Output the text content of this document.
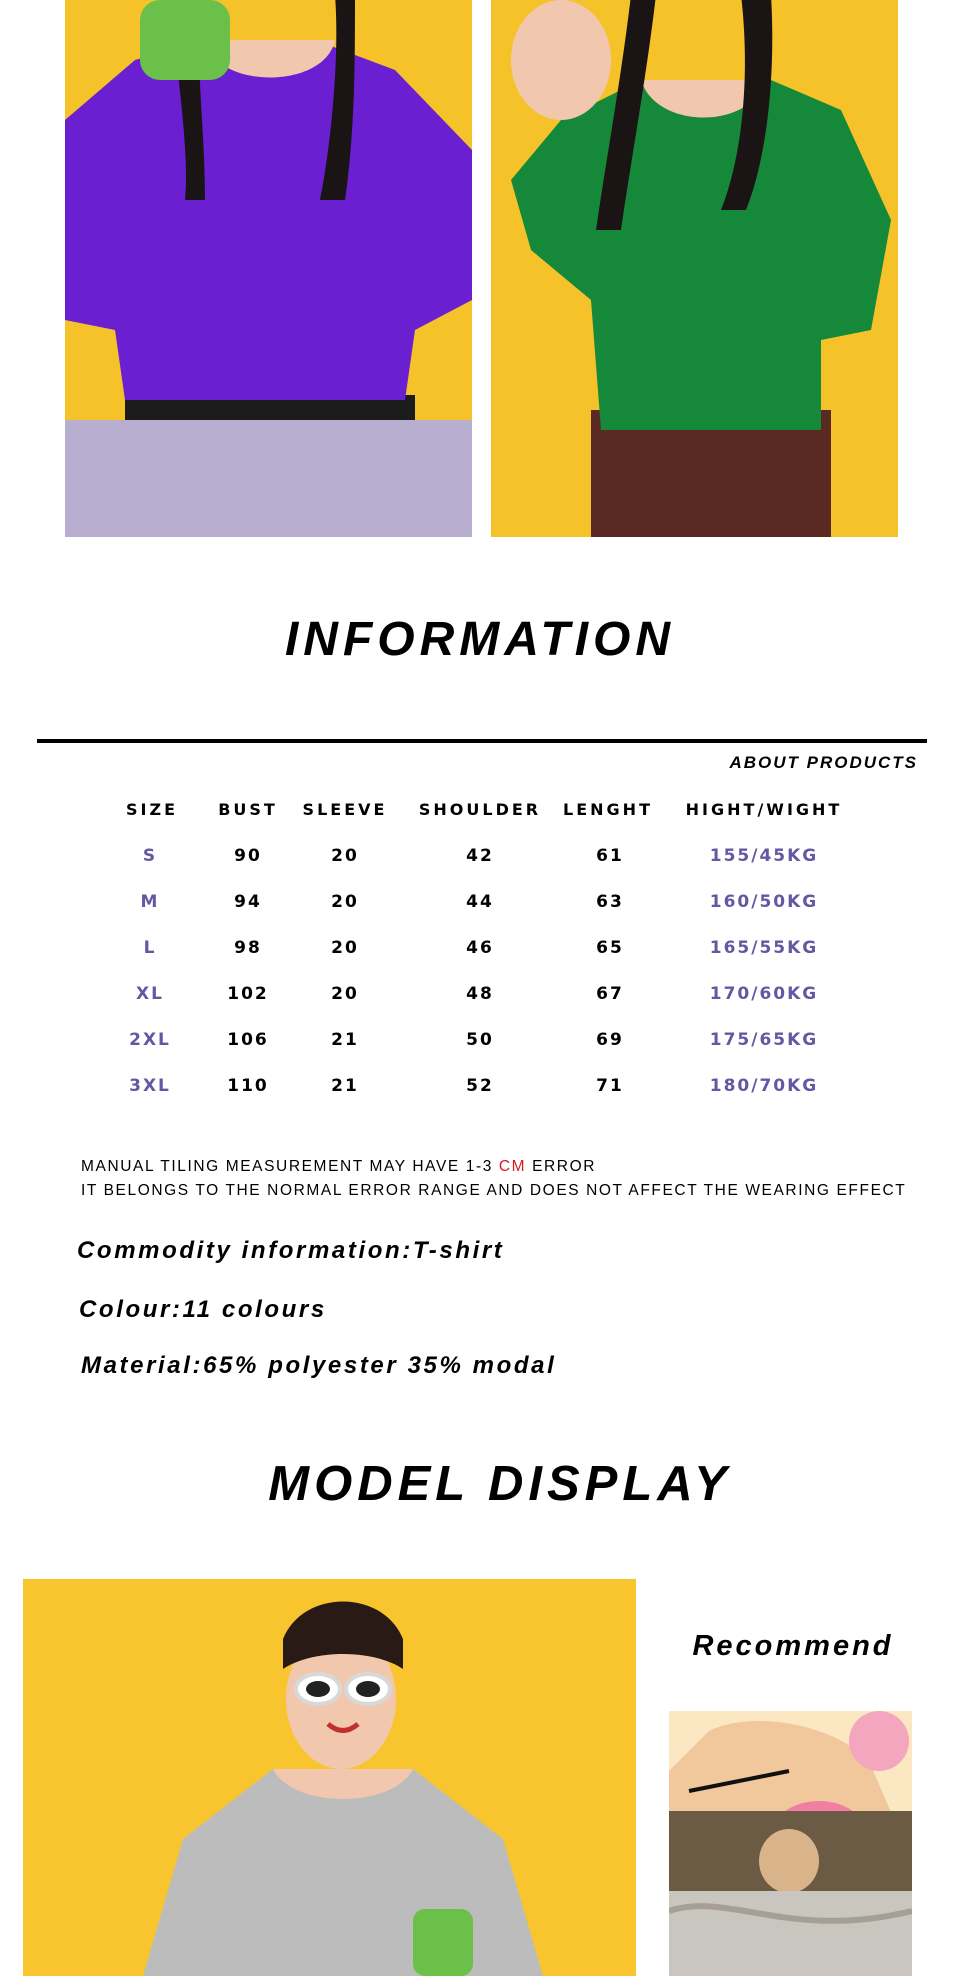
INFORMATION
ABOUT PRODUCTS
SIZE	BUST SLEEVE SHOULDER LENGHT HIGHT/WIGHT
S	90	20	42	61	155/45KG
M	94	20	44	63	160/50KG
L	98	20	46	65	165/55KG
XL	102	20	48	67	170/60KG
2XL	106	21	50	69	175/65KG
3XL	110	21	52	71	180/70KG
MANUAL TILING MEASUREMENT MAY HAVE 1-3 CM ERROR
IT BELONGS TO THE NORMAL ERROR RANGE AND DOES NOT AFFECT THE WEARING EFFECT
Commodity information:T-shirt
Colour:11 colours
Material:65% polyester 35% modal
MODEL DISPLAY
Recommend
